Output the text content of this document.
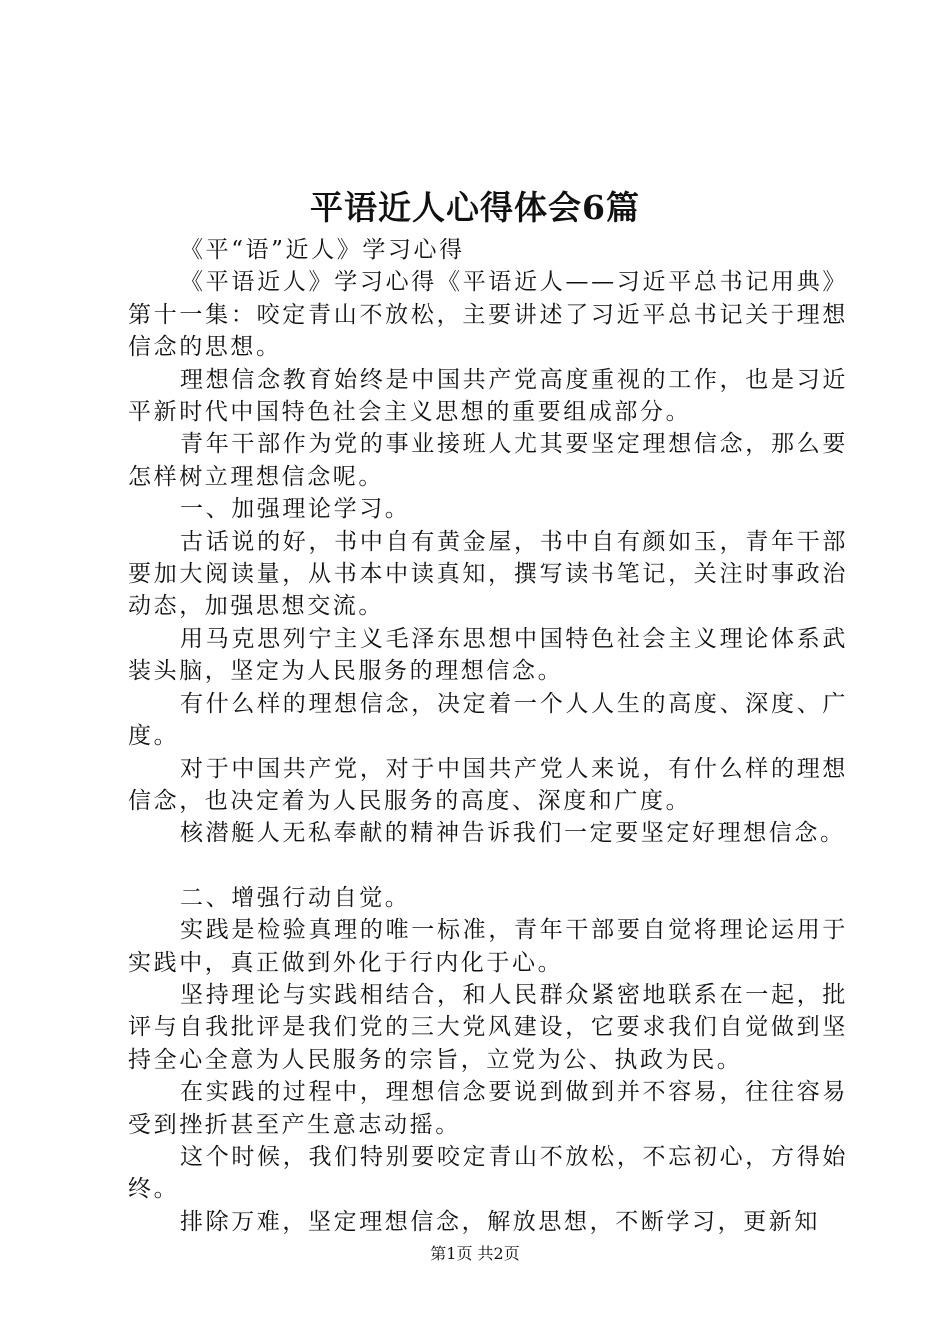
平语近人心得体会6篇

《平“语”近人》学习心得

《平语近人》学习心得《平语近人——习近平总书记用典》第十一集：咬定青山不放松，主要讲述了习近平总书记关于理想信念的思想。

理想信念教育始终是中国共产党高度重视的工作，也是习近平新时代中国特色社会主义思想的重要组成部分。

青年干部作为党的事业接班人尤其要坚定理想信念，那么要怎样树立理想信念呢。

一、加强理论学习。

古话说的好，书中自有黄金屋，书中自有颜如玉，青年干部要加大阅读量，从书本中读真知，撰写读书笔记，关注时事政治动态，加强思想交流。

用马克思列宁主义毛泽东思想中国特色社会主义理论体系武装头脑，坚定为人民服务的理想信念。

有什么样的理想信念，决定着一个人人生的高度、深度、广度。

对于中国共产党，对于中国共产党人来说，有什么样的理想信念，也决定着为人民服务的高度、深度和广度。

核潜艇人无私奉献的精神告诉我们一定要坚定好理想信念。

二、增强行动自觉。

实践是检验真理的唯一标准，青年干部要自觉将理论运用于实践中，真正做到外化于行内化于心。

坚持理论与实践相结合，和人民群众紧密地联系在一起，批评与自我批评是我们党的三大党风建设，它要求我们自觉做到坚持全心全意为人民服务的宗旨，立党为公、执政为民。

在实践的过程中，理想信念要说到做到并不容易，往往容易受到挫折甚至产生意志动摇。

这个时候，我们特别要咬定青山不放松，不忘初心，方得始终。

排除万难，坚定理想信念，解放思想，不断学习，更新知

第1页 共2页
